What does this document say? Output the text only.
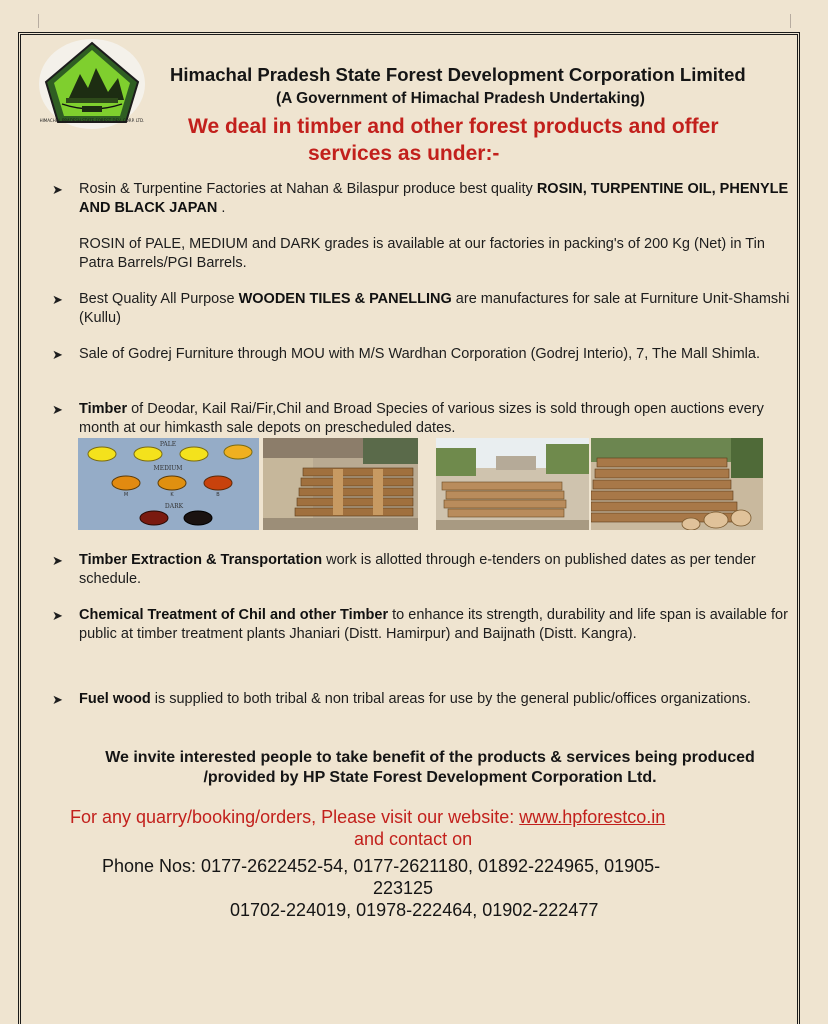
HIMACHAL PRADESH STATE FOREST DEV. CORP. LTD.
Himachal Pradesh State Forest Development Corporation Limited
(A Government of Himachal Pradesh Undertaking)
We deal in timber and other forest products and offer
services as under:-
➤	Rosin & Turpentine Factories at Nahan & Bilaspur produce best quality ROSIN, TURPENTINE OIL, PHENYLE AND BLACK JAPAN .
ROSIN of PALE, MEDIUM and DARK grades is available at our factories in packing's of 200 Kg (Net) in Tin Patra Barrels/PGI Barrels.
➤	Best Quality All Purpose WOODEN TILES & PANELLING are manufactures for sale at Furniture Unit-Shamshi (Kullu)
➤	Sale of Godrej Furniture through MOU with M/S Wardhan Corporation (Godrej Interio), 7, The Mall Shimla.
➤	Timber of Deodar, Kail Rai/Fir,Chil and Broad Species of various sizes is sold through open auctions every month at our himkasth sale depots on prescheduled dates.
PALE
MEDIUM
M	K	B
DARK
➤	Timber Extraction & Transportation work is allotted through e-tenders on published dates as per tender schedule.
➤	Chemical Treatment of Chil and other Timber to enhance its strength, durability and life span is available for public at timber treatment plants Jhaniari (Distt. Hamirpur) and Baijnath (Distt. Kangra).
➤	Fuel wood is supplied to both tribal & non tribal areas for use by the general public/offices organizations.
We invite interested people to take benefit of the products & services being produced
/provided by HP State Forest Development Corporation Ltd.
For any quarry/booking/orders, Please visit our website: www.hpforestco.in
and contact on
Phone Nos: 0177-2622452-54, 0177-2621180, 01892-224965, 01905-
223125
01702-224019, 01978-222464, 01902-222477
